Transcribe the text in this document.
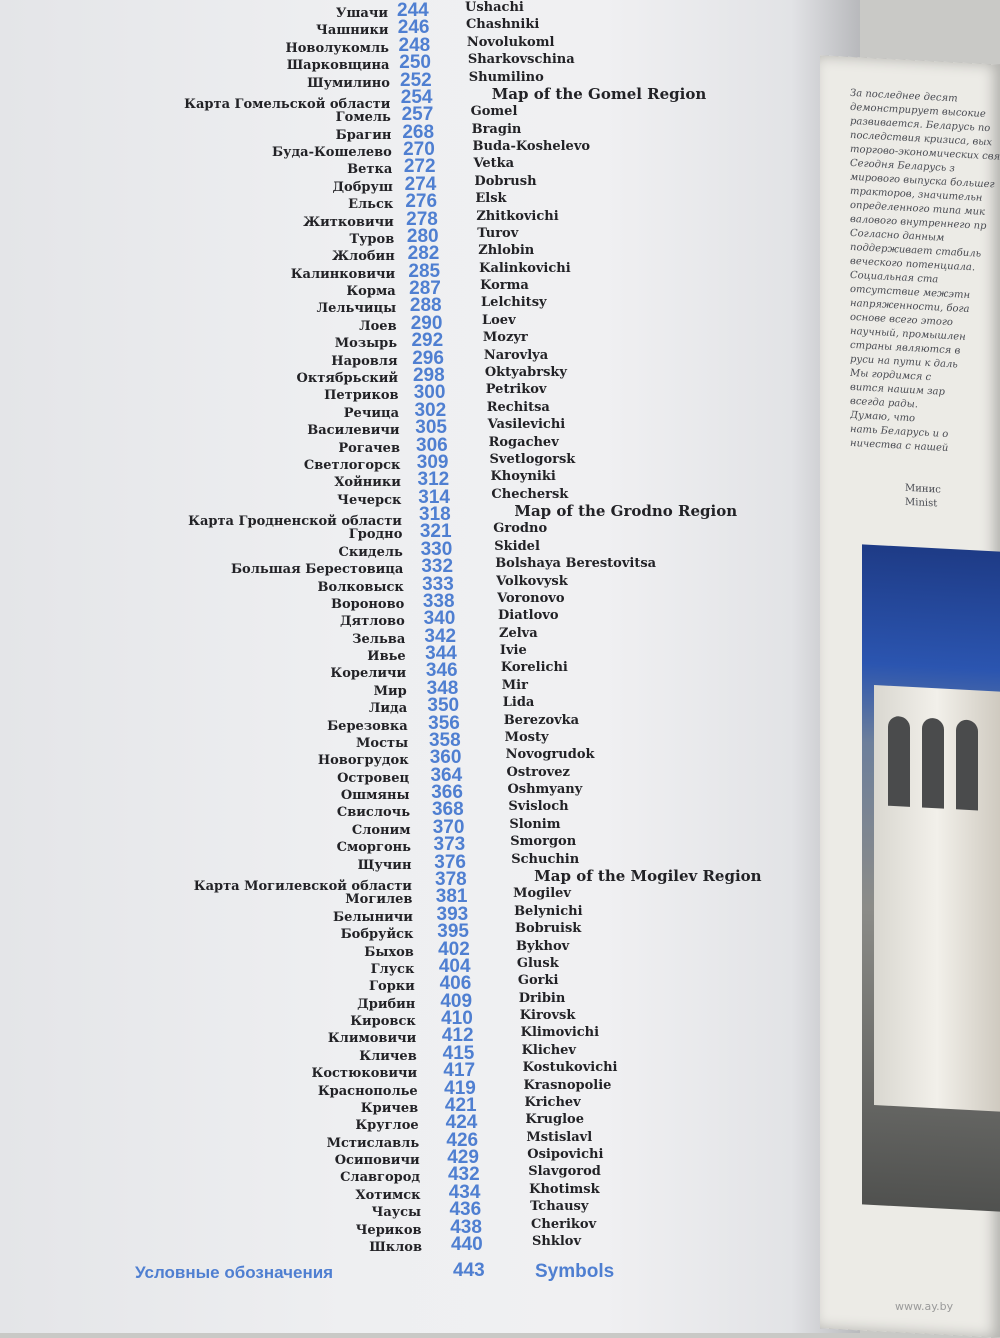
За последнее десят
демонстрирует высокие
развивается. Беларусь по
последствия кризиса, вых
торгово-экономических свя
Сегодня Беларусь з
мирового выпуска большег
тракторов, значительн
определенного типа мик
валового внутреннего пр
Согласно данным
поддерживает стабиль
веческого потенциала.
Социальная ста
отсутствие межэтн
напряженности, бога
основе всего этого
научный, промышлен
страны являются в
руси на пути к даль
Мы гордимся с
вится нашим зар
всегда рады.
Думаю, что
нать Беларусь и о
ничества с нашей
Минис
Minist
Ушачи 244	Ushachi
Чашники 246	Chashniki
Новолукомль 248	Novolukoml
Шарковщина 250	Sharkovschina
Шумилино 252	Shumilino
Карта Гомельской области 254	Map of the Gomel Region
Гомель 257	Gomel
Брагин 268	Bragin
Буда-Кошелево 270	Buda-Koshelevo
Ветка 272	Vetka
Добруш 274	Dobrush
Ельск 276	Elsk
Житковичи 278	Zhitkovichi
Туров 280	Turov
Жлобин 282	Zhlobin
Калинковичи 285	Kalinkovichi
Корма 287	Korma
Лельчицы 288	Lelchitsy
Лоев 290	Loev
Мозырь 292	Mozyr
Наровля 296	Narovlya
Октябрьский 298	Oktyabrsky
Петриков 300	Petrikov
Речица 302	Rechitsa
Василевичи 305	Vasilevichi
Рогачев 306	Rogachev
Светлогорск 309	Svetlogorsk
Хойники 312	Khoyniki
Чечерск 314	Chechersk
Карта Гродненской области 318	Map of the Grodno Region
Гродно 321	Grodno
Скидель 330	Skidel
Большая Берестовица 332	Bolshaya Berestovitsa
Волковыск 333	Volkovysk
Вороново 338	Voronovo
Дятлово 340	Diatlovo
Зельва 342	Zelva
Ивье 344	Ivie
Кореличи 346	Korelichi
Мир 348	Mir
Лида 350	Lida
Березовка 356	Berezovka
Мосты 358	Mosty
Новогрудок 360	Novogrudok
Островец 364	Ostrovez
Ошмяны 366	Oshmyany
Свислочь 368	Svisloch
Слоним 370	Slonim
Сморгонь 373	Smorgon
Щучин 376	Schuchin
Карта Могилевской области 378	Map of the Mogilev Region
Могилев 381	Mogilev
Белыничи 393	Belynichi
Бобруйск 395	Bobruisk
Быхов 402	Bykhov
Глуск 404	Glusk
Горки 406	Gorki
Дрибин 409	Dribin
Кировск 410	Kirovsk
Климовичи 412	Klimovichi
Кличев 415	Klichev
Костюковичи 417	Kostukovichi
Краснополье 419	Krasnopolie
Кричев 421	Krichev
Круглое 424	Krugloe
Мстиславль 426	Mstislavl
Осиповичи 429	Osipovichi
Славгород 432	Slavgorod
Хотимск 434	Khotimsk
Чаусы 436	Tchausy
Чериков 438	Cherikov
Шклов 440	Shklov
Условные обозначения	443	Symbols
www.ay.by
